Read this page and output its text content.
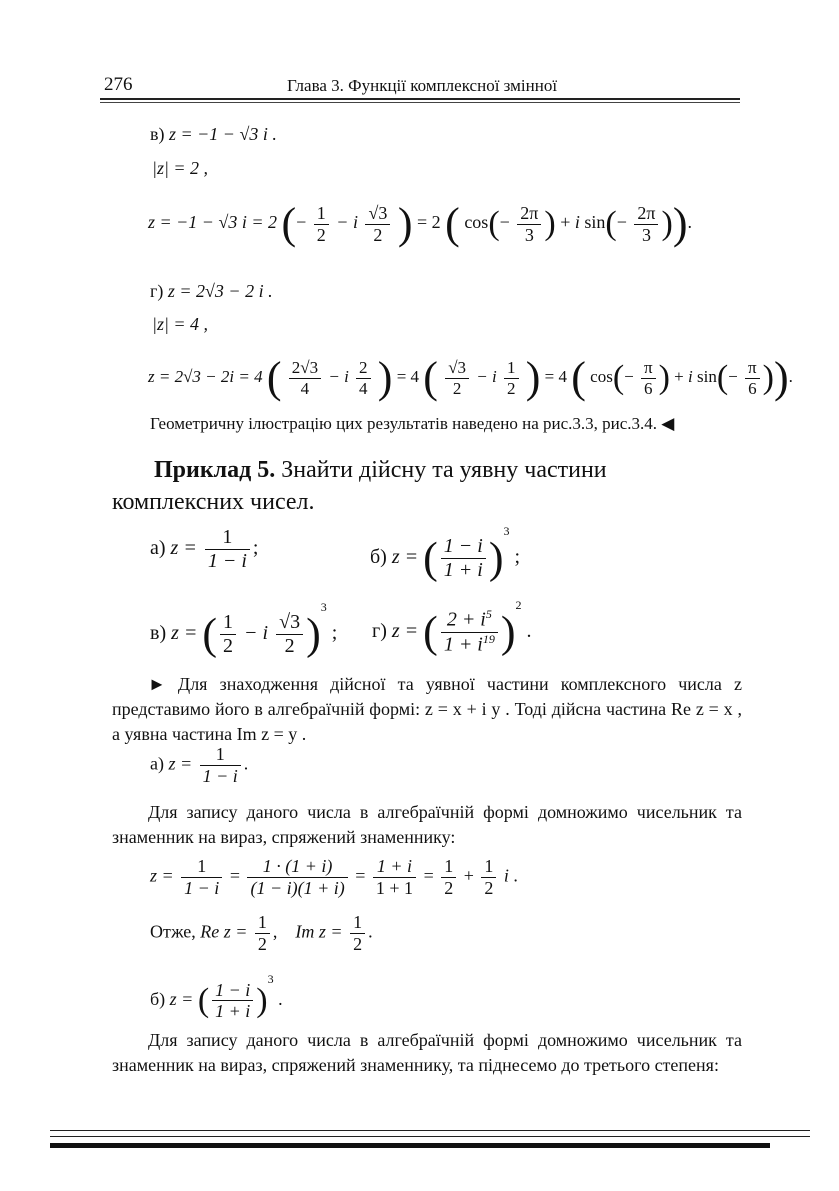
276	Глава 3. Функції комплексної змінної
в) z = −1 − √3 i .
|z| = 2 ,
z = −1 − √3 i = 2 (− $\frac{1}{2} - i \frac{√3}{2}$ ) = 2 ( $\cos(- \frac{2\pi}{3}$ ) + i $\sin(- \frac{2\pi}{3}$ )).
г) z = 2√3 − 2 i .
|z| = 4 ,
z = 2√3 − 2i = 4 ( $\frac{2√3}{4} - i \frac{2}{4}$ ) = 4 ( $\frac{√3}{2} - i \frac{1}{2}$ ) = 4 ( $\cos(- \frac{\pi}{6}$ ) + i $\sin(- \frac{\pi}{6}$ )).
Геометричну ілюстрацію цих результатів наведено на рис.3.3, рис.3.4. ◀
Приклад 5. Знайти дійсну та уявну частини комплексних чисел.
а) $z = \frac{1}{1 - i}$ ;	б) z = ( $\frac{1 - i}{1 + i} )^3$ ;
в) z = ( $\frac{1}{2} - i \frac{√3}{2} )^3$ ; г) z = ( $\frac{2 + i^5}{1 + i^{19}} )^2$ .
► Для знаходження дійсної та уявної частини комплексного числа z представимо його в алгебраїчній формі: z = x + i y . Тоді дійсна частина Re z = x , а уявна частина Im z = y .
а) $z = \frac{1}{1 - i}$ .
Для запису даного числа в алгебраїчній формі домножимо чисельник та знаменник на вираз, спряжений знаменнику:
$z = \frac{1}{1 - i} = \frac{1 \cdot (1 + i)}{(1 - i)(1 + i)} = \frac{1 + i}{1 + 1} = \frac{1}{2} + \frac{1}{2}$ i .
Отже, Re $z = \frac{1}{2}$ ,    Im $z = \frac{1}{2}$ .
б) z = ( $\frac{1 - i}{1 + i} )^3$ .
Для запису даного числа в алгебраїчній формі домножимо чисельник та знаменник на вираз, спряжений знаменнику, та піднесемо до третього степеня:
